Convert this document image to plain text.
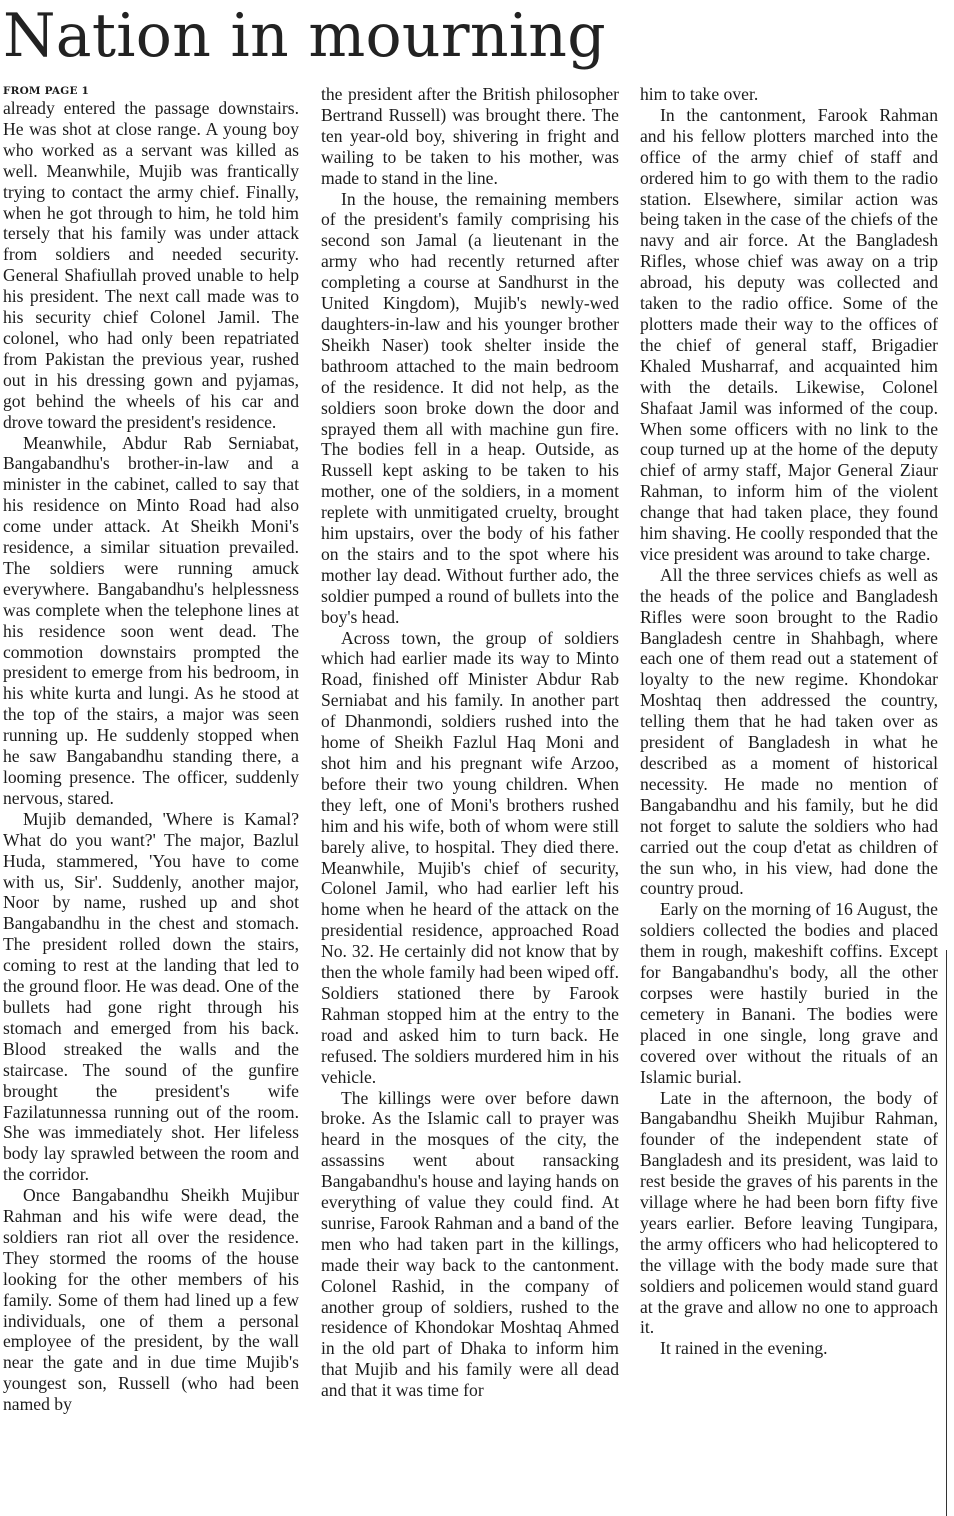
Nation in mourning
FROM PAGE 1

already entered the passage downstairs. He was shot at close range. A young boy who worked as a servant was killed as well. Meanwhile, Mujib was frantically trying to contact the army chief. Finally, when he got through to him, he told him tersely that his family was under attack from soldiers and needed security. General Shafiullah proved unable to help his president. The next call made was to his security chief Colonel Jamil. The colonel, who had only been repatriated from Pakistan the previous year, rushed out in his dressing gown and pyjamas, got behind the wheels of his car and drove toward the president's residence.

Meanwhile, Abdur Rab Serniabat, Bangabandhu's brother-in-law and a minister in the cabinet, called to say that his residence on Minto Road had also come under attack. At Sheikh Moni's residence, a similar situation prevailed. The soldiers were running amuck everywhere. Bangabandhu's helplessness was complete when the telephone lines at his residence soon went dead. The commotion downstairs prompted the president to emerge from his bedroom, in his white kurta and lungi. As he stood at the top of the stairs, a major was seen running up. He suddenly stopped when he saw Bangabandhu standing there, a looming presence. The officer, suddenly nervous, stared.

Mujib demanded, 'Where is Kamal? What do you want?' The major, Bazlul Huda, stammered, 'You have to come with us, Sir'. Suddenly, another major, Noor by name, rushed up and shot Bangabandhu in the chest and stomach. The president rolled down the stairs, coming to rest at the landing that led to the ground floor. He was dead. One of the bullets had gone right through his stomach and emerged from his back. Blood streaked the walls and the staircase. The sound of the gunfire brought the president's wife Fazilatunnessa running out of the room. She was immediately shot. Her lifeless body lay sprawled between the room and the corridor.

Once Bangabandhu Sheikh Mujibur Rahman and his wife were dead, the soldiers ran riot all over the residence. They stormed the rooms of the house looking for the other members of his family. Some of them had lined up a few individuals, one of them a personal employee of the president, by the wall near the gate and in due time Mujib's youngest son, Russell (who had been named by

the president after the British philosopher Bertrand Russell) was brought there. The ten year-old boy, shivering in fright and wailing to be taken to his mother, was made to stand in the line.

In the house, the remaining members of the president's family comprising his second son Jamal (a lieutenant in the army who had recently returned after completing a course at Sandhurst in the United Kingdom), Mujib's newly-wed daughters-in-law and his younger brother Sheikh Naser) took shelter inside the bathroom attached to the main bedroom of the residence. It did not help, as the soldiers soon broke down the door and sprayed them all with machine gun fire. The bodies fell in a heap. Outside, as Russell kept asking to be taken to his mother, one of the soldiers, in a moment replete with unmitigated cruelty, brought him upstairs, over the body of his father on the stairs and to the spot where his mother lay dead. Without further ado, the soldier pumped a round of bullets into the boy's head.

Across town, the group of soldiers which had earlier made its way to Minto Road, finished off Minister Abdur Rab Serniabat and his family. In another part of Dhanmondi, soldiers rushed into the home of Sheikh Fazlul Haq Moni and shot him and his pregnant wife Arzoo, before their two young children. When they left, one of Moni's brothers rushed him and his wife, both of whom were still barely alive, to hospital. They died there. Meanwhile, Mujib's chief of security, Colonel Jamil, who had earlier left his home when he heard of the attack on the presidential residence, approached Road No. 32. He certainly did not know that by then the whole family had been wiped off. Soldiers stationed there by Farook Rahman stopped him at the entry to the road and asked him to turn back. He refused. The soldiers murdered him in his vehicle.

The killings were over before dawn broke. As the Islamic call to prayer was heard in the mosques of the city, the assassins went about ransacking Bangabandhu's house and laying hands on everything of value they could find. At sunrise, Farook Rahman and a band of the men who had taken part in the killings, made their way back to the cantonment. Colonel Rashid, in the company of another group of soldiers, rushed to the residence of Khondokar Moshtaq Ahmed in the old part of Dhaka to inform him that Mujib and his family were all dead and that it was time for

him to take over.

In the cantonment, Farook Rahman and his fellow plotters marched into the office of the army chief of staff and ordered him to go with them to the radio station. Elsewhere, similar action was being taken in the case of the chiefs of the navy and air force. At the Bangladesh Rifles, whose chief was away on a trip abroad, his deputy was collected and taken to the radio office. Some of the plotters made their way to the offices of the chief of general staff, Brigadier Khaled Musharraf, and acquainted him with the details. Likewise, Colonel Shafaat Jamil was informed of the coup. When some officers with no link to the coup turned up at the home of the deputy chief of army staff, Major General Ziaur Rahman, to inform him of the violent change that had taken place, they found him shaving. He coolly responded that the vice president was around to take charge.

All the three services chiefs as well as the heads of the police and Bangladesh Rifles were soon brought to the Radio Bangladesh centre in Shahbagh, where each one of them read out a statement of loyalty to the new regime. Khondokar Moshtaq then addressed the country, telling them that he had taken over as president of Bangladesh in what he described as a moment of historical necessity. He made no mention of Bangabandhu and his family, but he did not forget to salute the soldiers who had carried out the coup d'etat as children of the sun who, in his view, had done the country proud.

Early on the morning of 16 August, the soldiers collected the bodies and placed them in rough, makeshift coffins. Except for Bangabandhu's body, all the other corpses were hastily buried in the cemetery in Banani. The bodies were placed in one single, long grave and covered over without the rituals of an Islamic burial.

Late in the afternoon, the body of Bangabandhu Sheikh Mujibur Rahman, founder of the independent state of Bangladesh and its president, was laid to rest beside the graves of his parents in the village where he had been born fifty five years earlier. Before leaving Tungipara, the army officers who had helicoptered to the village with the body made sure that soldiers and policemen would stand guard at the grave and allow no one to approach it.

It rained in the evening.
